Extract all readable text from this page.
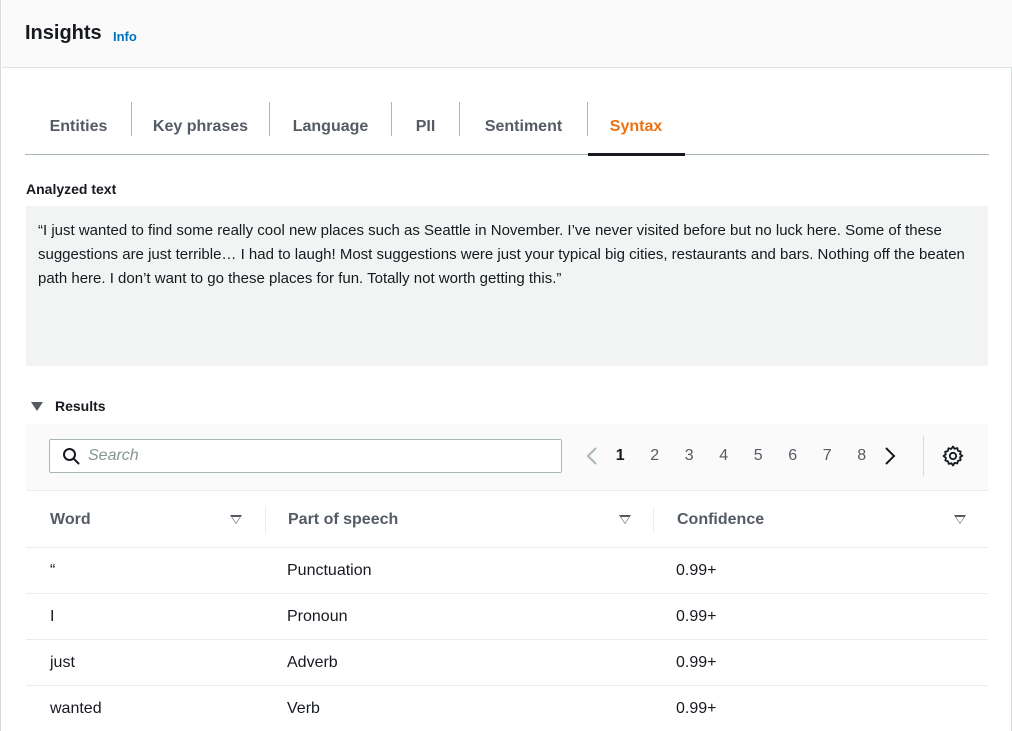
Insights Info
Entities	Key phrases	Language	PII	Sentiment	Syntax
Analyzed text
“I just wanted to find some really cool new places such as Seattle in November. I’ve never visited before but no luck here. Some of these suggestions are just terrible… I had to laugh! Most suggestions were just your typical big cities, restaurants and bars. Nothing off the beaten path here. I don’t want to go these places for fun. Totally not worth getting this.”
Results
Search
1	2	3	4	5	6	7	8
Word	Part of speech	Confidence
“	Punctuation	0.99+
I	Pronoun	0.99+
just	Adverb	0.99+
wanted	Verb	0.99+
